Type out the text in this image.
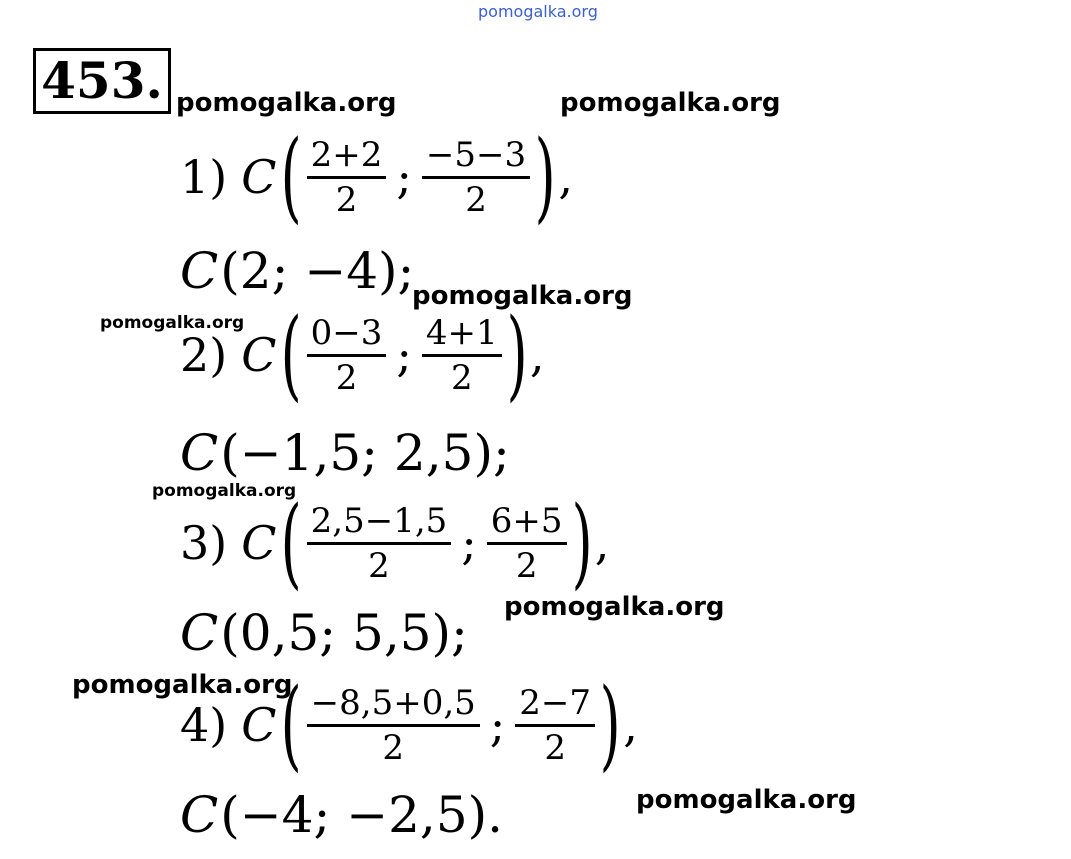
pomogalka.org
pomogalka.org	pomogalka.org
pomogalka.org
pomogalka.org
pomogalka.org
pomogalka.org
pomogalka.org
pomogalka.org
453.
1) C ( $\frac{2+2}{2}$ ; $\frac{-5-3}{2}$ ) ,
C(2; −4);
2) C ( $\frac{0-3}{2}$ ; $\frac{4+1}{2}$ ) ,
C(−1,5; 2,5);
3) C ( $\frac{2,5-1,5}{2}$ ; $\frac{6+5}{2}$ ) ,
C(0,5; 5,5);
4) C ( $\frac{-8,5+0,5}{2}$ ; $\frac{2-7}{2}$ ) ,
C(−4; −2,5).
